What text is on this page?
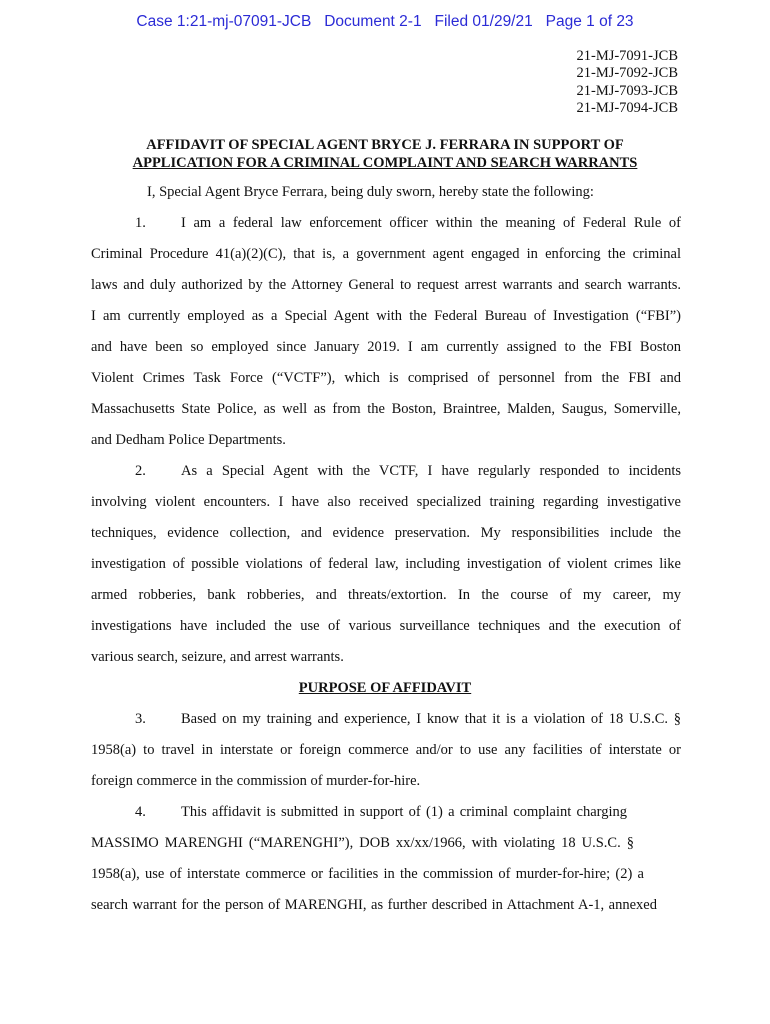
Case 1:21-mj-07091-JCB   Document 2-1   Filed 01/29/21   Page 1 of 23
21-MJ-7091-JCB
21-MJ-7092-JCB
21-MJ-7093-JCB
21-MJ-7094-JCB
AFFIDAVIT OF SPECIAL AGENT BRYCE J. FERRARA IN SUPPORT OF
APPLICATION FOR A CRIMINAL COMPLAINT AND SEARCH WARRANTS
I, Special Agent Bryce Ferrara, being duly sworn, hereby state the following:
1. I am a federal law enforcement officer within the meaning of Federal Rule of
Criminal Procedure 41(a)(2)(C), that is, a government agent engaged in enforcing the criminal
laws and duly authorized by the Attorney General to request arrest warrants and search warrants.
I am currently employed as a Special Agent with the Federal Bureau of Investigation (“FBI”)
and have been so employed since January 2019. I am currently assigned to the FBI Boston
Violent Crimes Task Force (“VCTF”), which is comprised of personnel from the FBI and
Massachusetts State Police, as well as from the Boston, Braintree, Malden, Saugus, Somerville,
and Dedham Police Departments.
2. As a Special Agent with the VCTF, I have regularly responded to incidents
involving violent encounters. I have also received specialized training regarding investigative
techniques, evidence collection, and evidence preservation. My responsibilities include the
investigation of possible violations of federal law, including investigation of violent crimes like
armed robberies, bank robberies, and threats/extortion. In the course of my career, my
investigations have included the use of various surveillance techniques and the execution of
various search, seizure, and arrest warrants.
PURPOSE OF AFFIDAVIT
3. Based on my training and experience, I know that it is a violation of 18 U.S.C. §
1958(a) to travel in interstate or foreign commerce and/or to use any facilities of interstate or
foreign commerce in the commission of murder-for-hire.
4. This affidavit is submitted in support of (1) a criminal complaint charging
MASSIMO MARENGHI (“MARENGHI”), DOB xx/xx/1966, with violating 18 U.S.C. §
1958(a), use of interstate commerce or facilities in the commission of murder-for-hire; (2) a
search warrant for the person of MARENGHI, as further described in Attachment A-1, annexed
